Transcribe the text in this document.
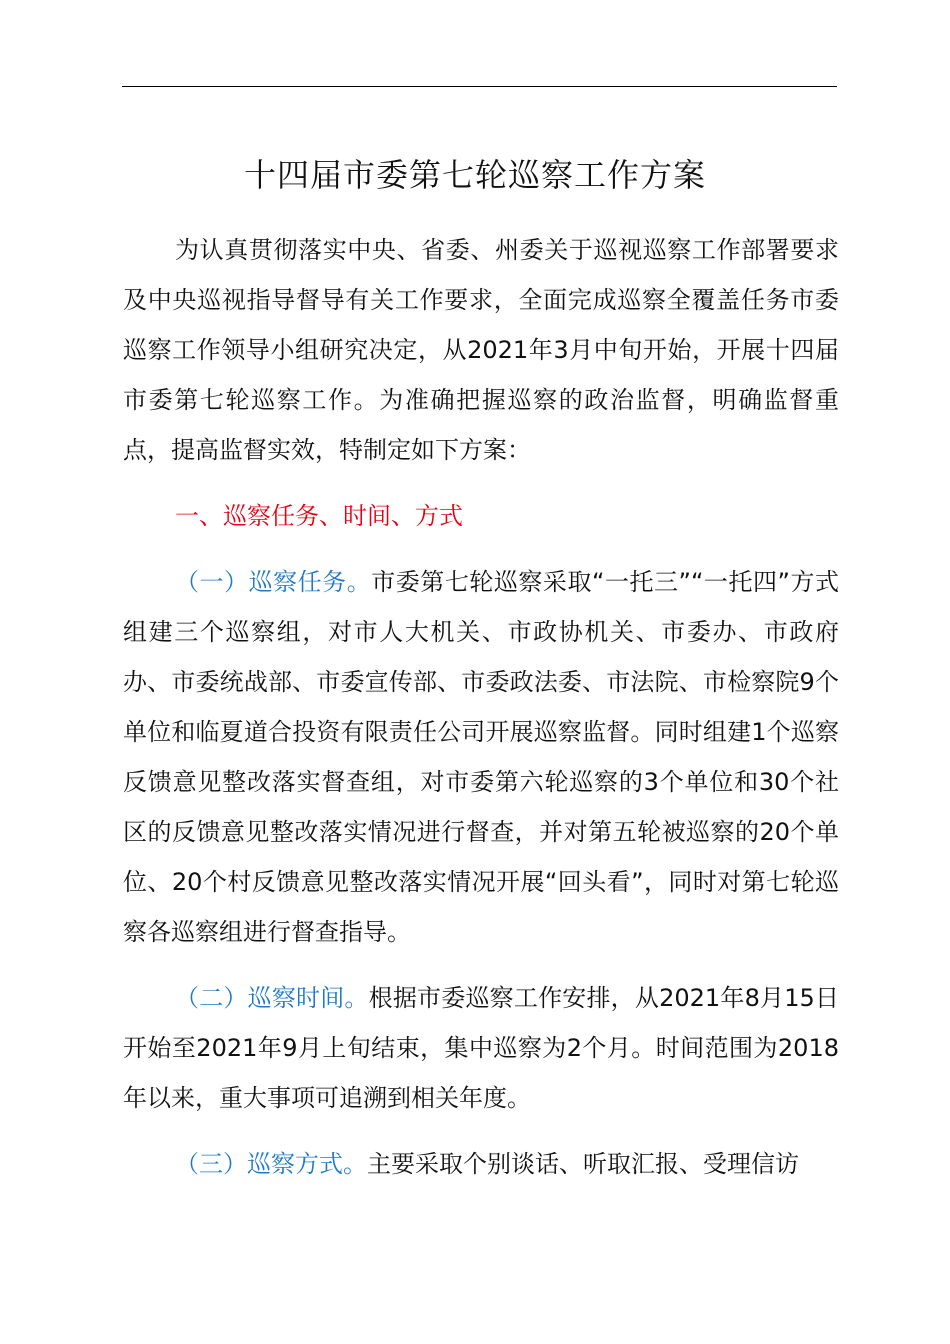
十四届市委第七轮巡察工作方案

为认真贯彻落实中央、省委、州委关于巡视巡察工作部署要求及中央巡视指导督导有关工作要求，全面完成巡察全覆盖任务市委巡察工作领导小组研究决定，从2021年3月中旬开始，开展十四届市委第七轮巡察工作。为准确把握巡察的政治监督，明确监督重点，提高监督实效，特制定如下方案：

一、巡察任务、时间、方式

（一）巡察任务。市委第七轮巡察采取“一托三”“一托四”方式组建三个巡察组，对市人大机关、市政协机关、市委办、市政府办、市委统战部、市委宣传部、市委政法委、市法院、市检察院9个单位和临夏道合投资有限责任公司开展巡察监督。同时组建1个巡察反馈意见整改落实督查组，对市委第六轮巡察的3个单位和30个社区的反馈意见整改落实情况进行督查，并对第五轮被巡察的20个单位、20个村反馈意见整改落实情况开展“回头看”，同时对第七轮巡察各巡察组进行督查指导。

（二）巡察时间。根据市委巡察工作安排，从2021年8月15日开始至2021年9月上旬结束，集中巡察为2个月。时间范围为2018年以来，重大事项可追溯到相关年度。

（三）巡察方式。主要采取个别谈话、听取汇报、受理信访
